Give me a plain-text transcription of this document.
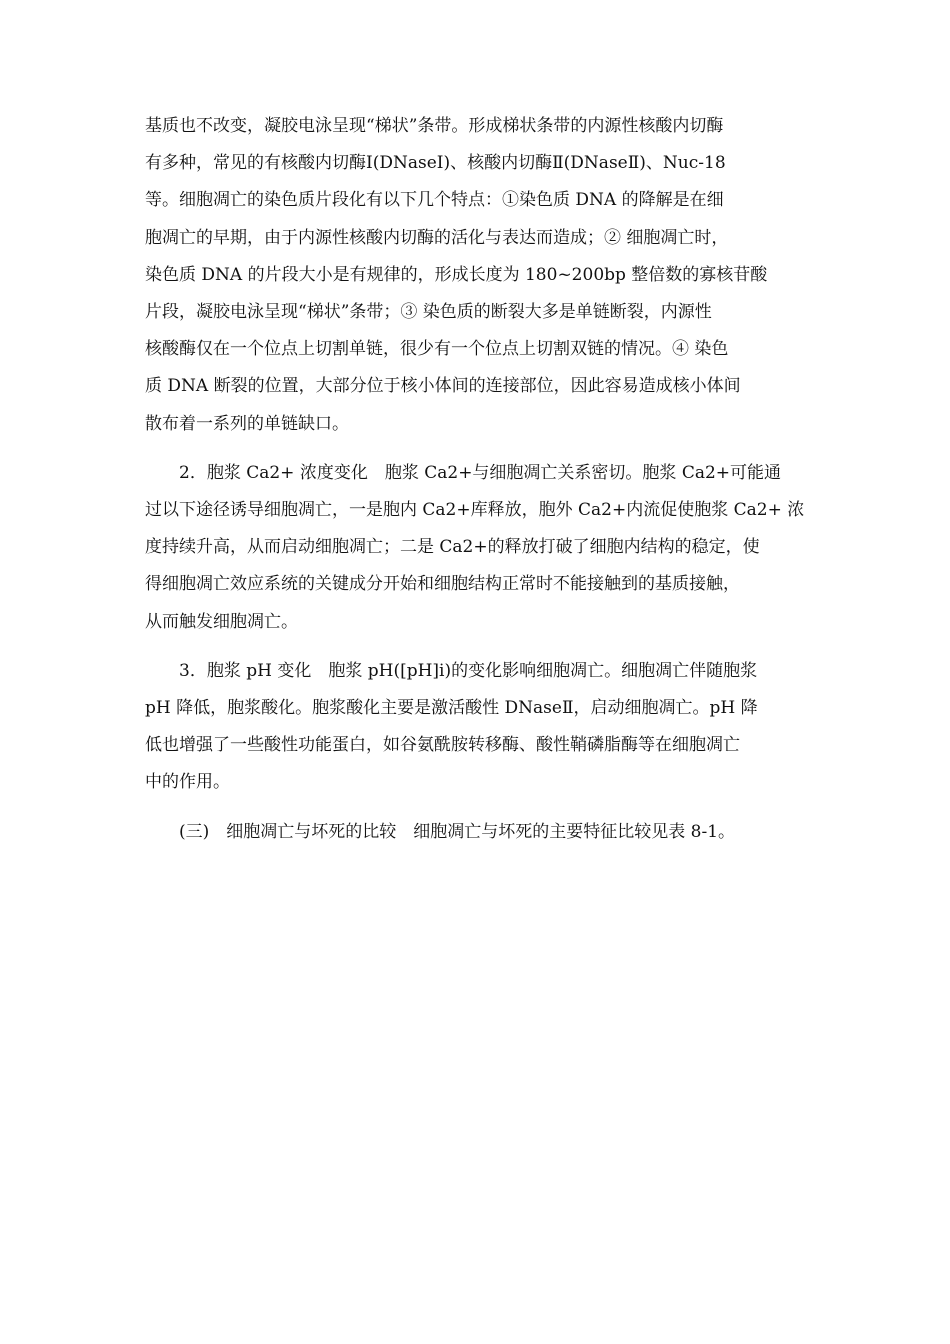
基质也不改变，凝胶电泳呈现“梯状”条带。形成梯状条带的内源性核酸内切酶
有多种，常见的有核酸内切酶Ⅰ(DNaseⅠ)、核酸内切酶Ⅱ(DNaseⅡ)、Nuc-18
等。细胞凋亡的染色质片段化有以下几个特点：①染色质 DNA 的降解是在细
胞凋亡的早期，由于内源性核酸内切酶的活化与表达而造成；② 细胞凋亡时，
染色质 DNA 的片段大小是有规律的，形成长度为 180~200bp 整倍数的寡核苷酸
片段，凝胶电泳呈现“梯状”条带；③ 染色质的断裂大多是单链断裂，内源性
核酸酶仅在一个位点上切割单链，很少有一个位点上切割双链的情况。④ 染色
质 DNA 断裂的位置，大部分位于核小体间的连接部位，因此容易造成核小体间
散布着一系列的单链缺口。

2．胞浆 Ca2+ 浓度变化　胞浆 Ca2+与细胞凋亡关系密切。胞浆 Ca2+可能通
过以下途径诱导细胞凋亡，一是胞内 Ca2+库释放，胞外 Ca2+内流促使胞浆 Ca2+ 浓
度持续升高，从而启动细胞凋亡；二是 Ca2+的释放打破了细胞内结构的稳定，使
得细胞凋亡效应系统的关键成分开始和细胞结构正常时不能接触到的基质接触，
从而触发细胞凋亡。

3．胞浆 pH 变化　胞浆 pH([pH]i)的变化影响细胞凋亡。细胞凋亡伴随胞浆
pH 降低，胞浆酸化。胞浆酸化主要是激活酸性 DNaseⅡ，启动细胞凋亡。pH 降
低也增强了一些酸性功能蛋白，如谷氨酰胺转移酶、酸性鞘磷脂酶等在细胞凋亡
中的作用。

(三)　细胞凋亡与坏死的比较　细胞凋亡与坏死的主要特征比较见表 8-1。
